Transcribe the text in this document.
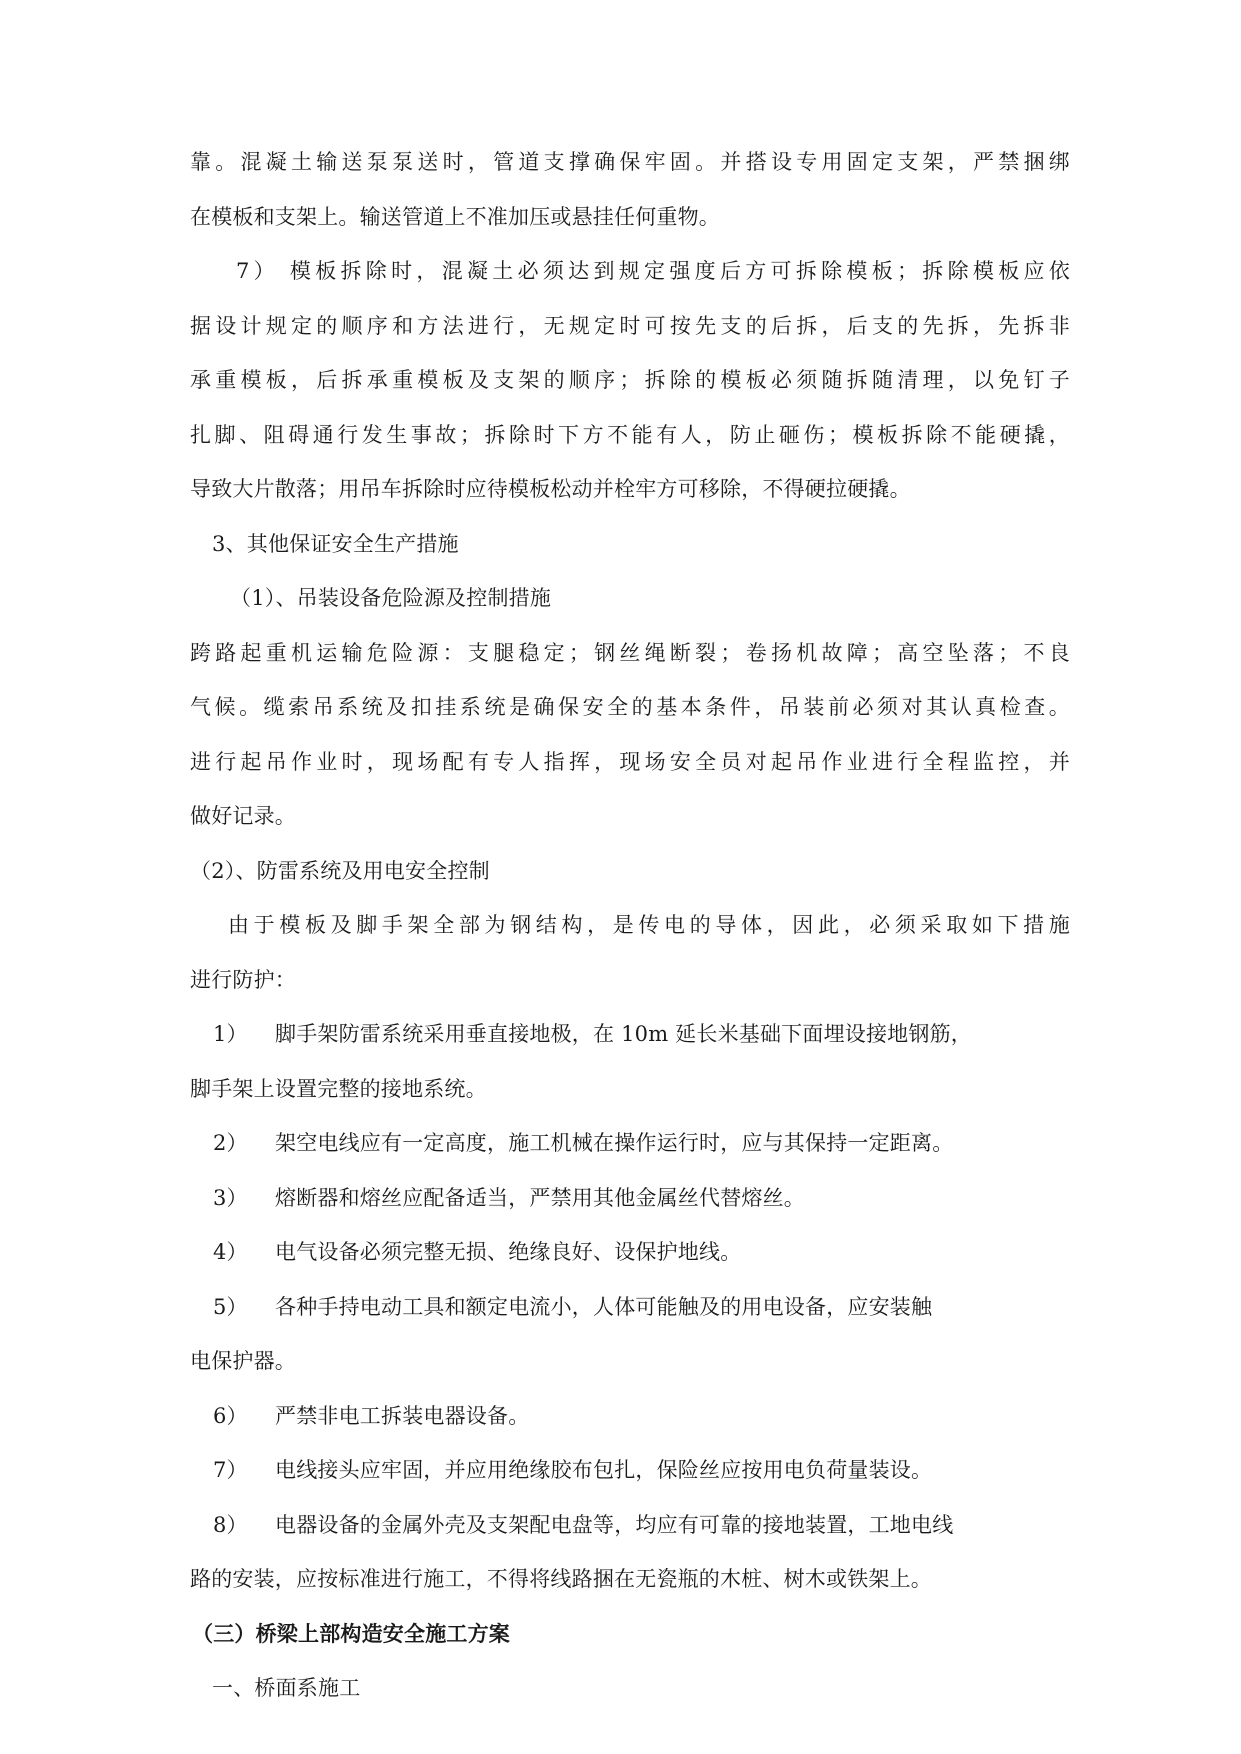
靠。混凝土输送泵泵送时，管道支撑确保牢固。并搭设专用固定支架，严禁捆绑
在模板和支架上。输送管道上不准加压或悬挂任何重物。
7） 模板拆除时，混凝土必须达到规定强度后方可拆除模板；拆除模板应依
据设计规定的顺序和方法进行，无规定时可按先支的后拆，后支的先拆，先拆非
承重模板，后拆承重模板及支架的顺序；拆除的模板必须随拆随清理，以免钉子
扎脚、阻碍通行发生事故；拆除时下方不能有人，防止砸伤；模板拆除不能硬撬，
导致大片散落；用吊车拆除时应待模板松动并栓牢方可移除，不得硬拉硬撬。
3、其他保证安全生产措施
（1）、吊装设备危险源及控制措施
跨路起重机运输危险源：支腿稳定；钢丝绳断裂；卷扬机故障；高空坠落；不良
气候。缆索吊系统及扣挂系统是确保安全的基本条件，吊装前必须对其认真检查。
进行起吊作业时，现场配有专人指挥，现场安全员对起吊作业进行全程监控，并
做好记录。
（2）、防雷系统及用电安全控制
由于模板及脚手架全部为钢结构，是传电的导体，因此，必须采取如下措施
进行防护：
1） 脚手架防雷系统采用垂直接地极，在 10m 延长米基础下面埋设接地钢筋，
脚手架上设置完整的接地系统。
2） 架空电线应有一定高度，施工机械在操作运行时，应与其保持一定距离。
3） 熔断器和熔丝应配备适当，严禁用其他金属丝代替熔丝。
4） 电气设备必须完整无损、绝缘良好、设保护地线。
5） 各种手持电动工具和额定电流小，人体可能触及的用电设备，应安装触
电保护器。
6） 严禁非电工拆装电器设备。
7） 电线接头应牢固，并应用绝缘胶布包扎，保险丝应按用电负荷量装设。
8） 电器设备的金属外壳及支架配电盘等，均应有可靠的接地装置，工地电线
路的安装，应按标准进行施工，不得将线路捆在无瓷瓶的木桩、树木或铁架上。
（三）桥梁上部构造安全施工方案
一、桥面系施工
